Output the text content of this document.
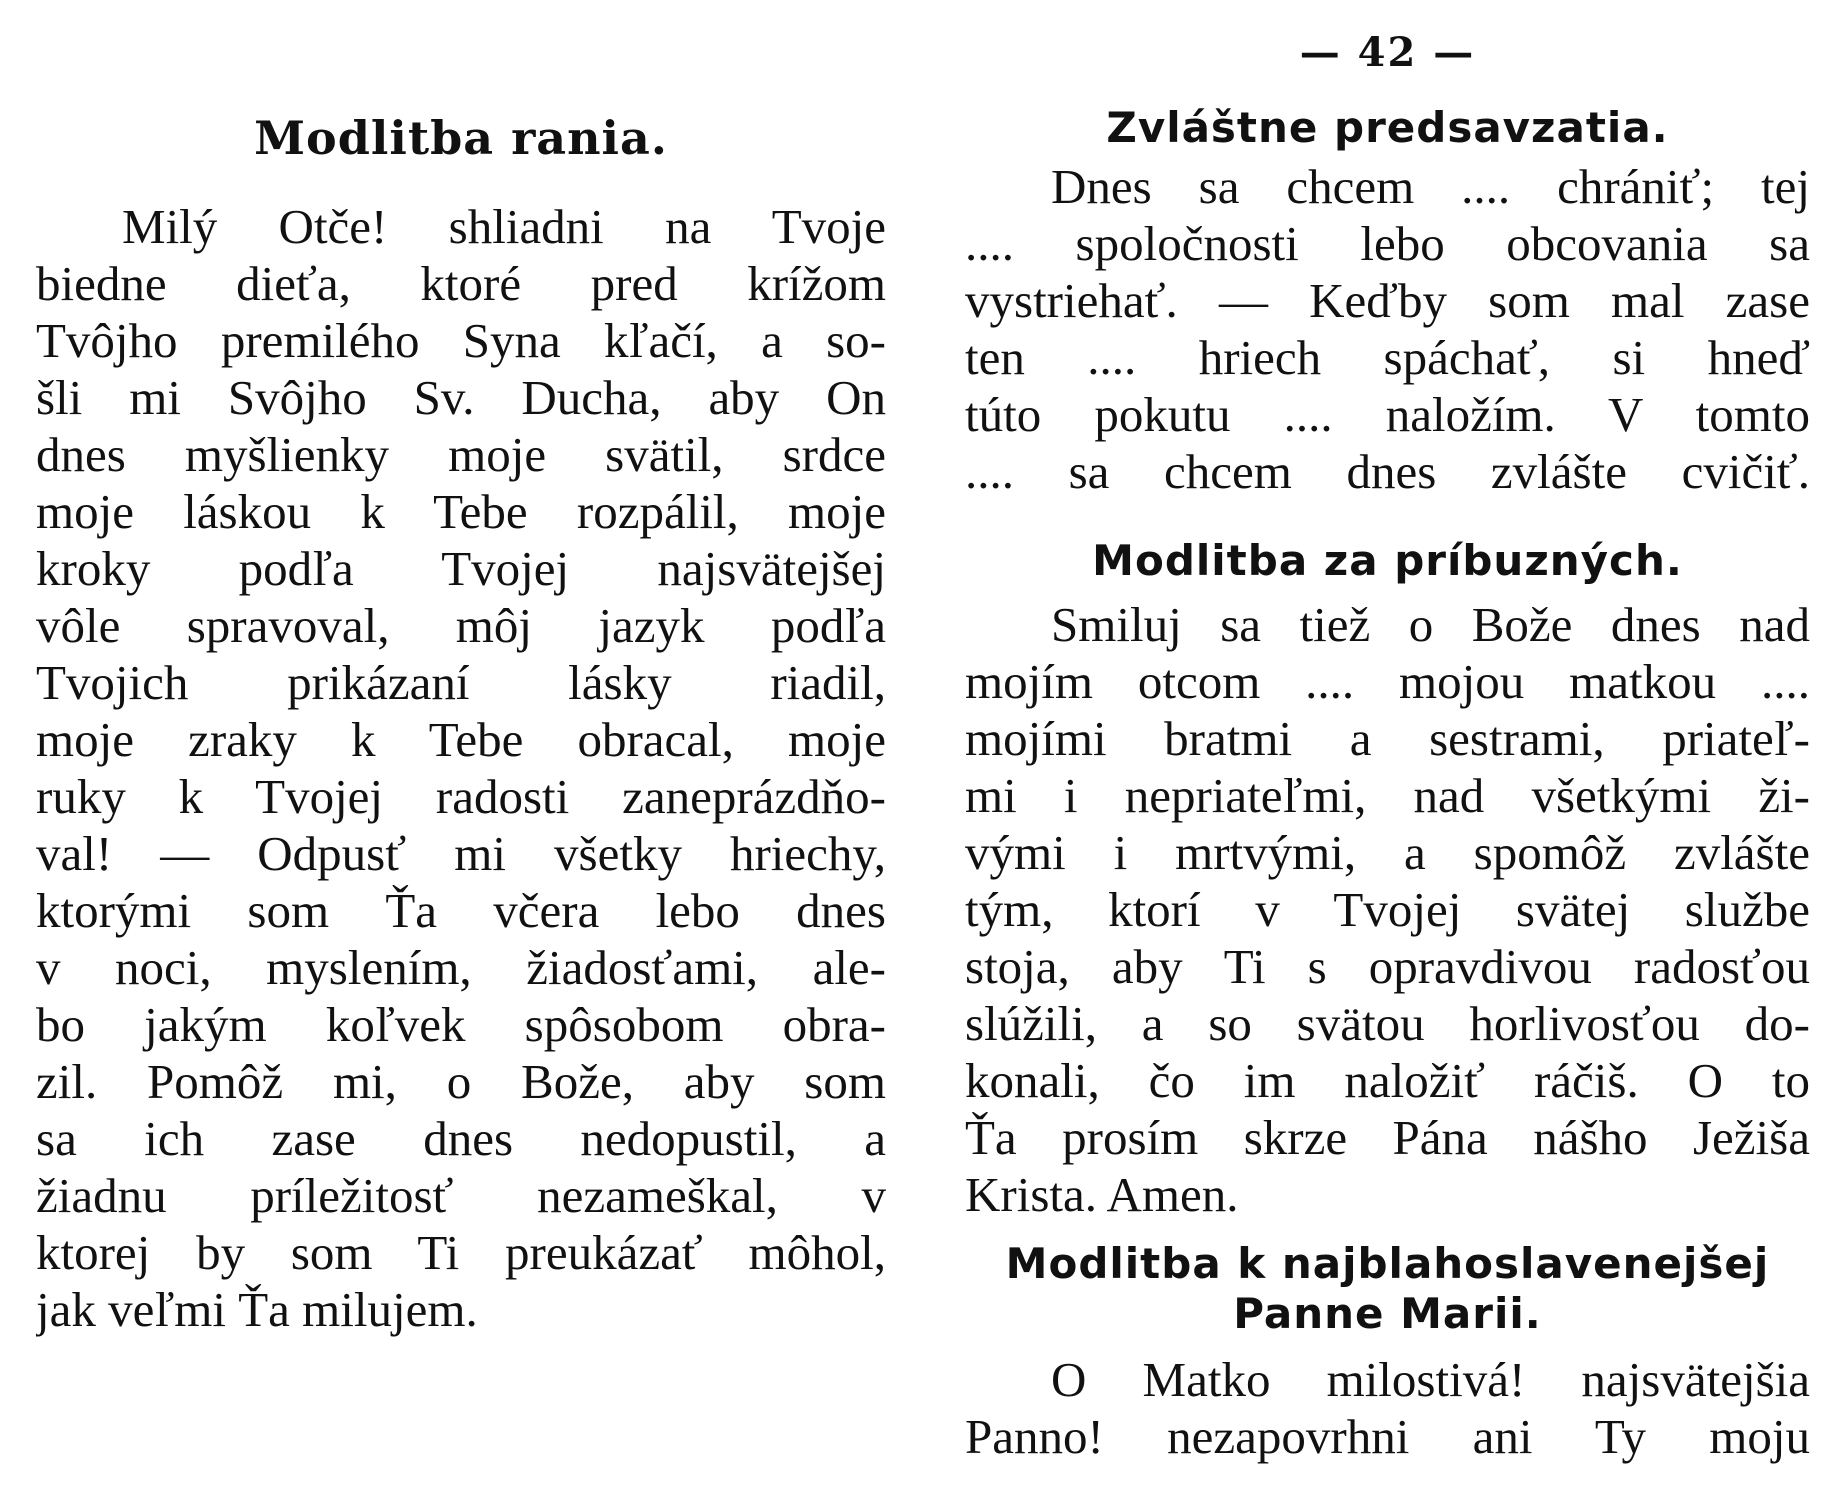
Modlitba rania.
Milý Otče! shliadni na Tvoje
biedne dieťa, ktoré pred krížom
Tvôjho premilého Syna kľačí, a so-
šli mi Svôjho Sv. Ducha, aby On
dnes myšlienky moje svätil, srdce
moje láskou k Tebe rozpálil, moje
kroky podľa Tvojej najsvätejšej
vôle spravoval, môj jazyk podľa
Tvojich prikázaní lásky riadil,
moje zraky k Tebe obracal, moje
ruky k Tvojej radosti zaneprázdňo-
val! — Odpusť mi všetky hriechy,
ktorými som Ťa včera lebo dnes
v noci, myslením, žiadosťami, ale-
bo jakým koľvek spôsobom obra-
zil. Pomôž mi, o Bože, aby som
sa ich zase dnes nedopustil, a
žiadnu príležitosť nezameškal, v
ktorej by som Ti preukázať môhol,
jak veľmi Ťa milujem.
— 42 —
Zvláštne predsavzatia.
Dnes sa chcem .... chrániť; tej
.... spoločnosti lebo obcovania sa
vystriehať. — Keďby som mal zase
ten .... hriech spáchať, si hneď
túto pokutu .... naložím. V tomto
.... sa chcem dnes zvlášte cvičiť.
Modlitba za príbuzných.
Smiluj sa tiež o Bože dnes nad
mojím otcom .... mojou matkou ....
mojími bratmi a sestrami, priateľ-
mi i nepriateľmi, nad všetkými ži-
vými i mrtvými, a spomôž zvlášte
tým, ktorí v Tvojej svätej službe
stoja, aby Ti s opravdivou radosťou
slúžili, a so svätou horlivosťou do-
konali, čo im naložiť ráčiš. O to
Ťa prosím skrze Pána nášho Ježiša
Krista. Amen.
Modlitba k najblahoslavenejšej
Panne Marii.
O Matko milostivá! najsvätejšia
Panno! nezapovrhni ani Ty moju
